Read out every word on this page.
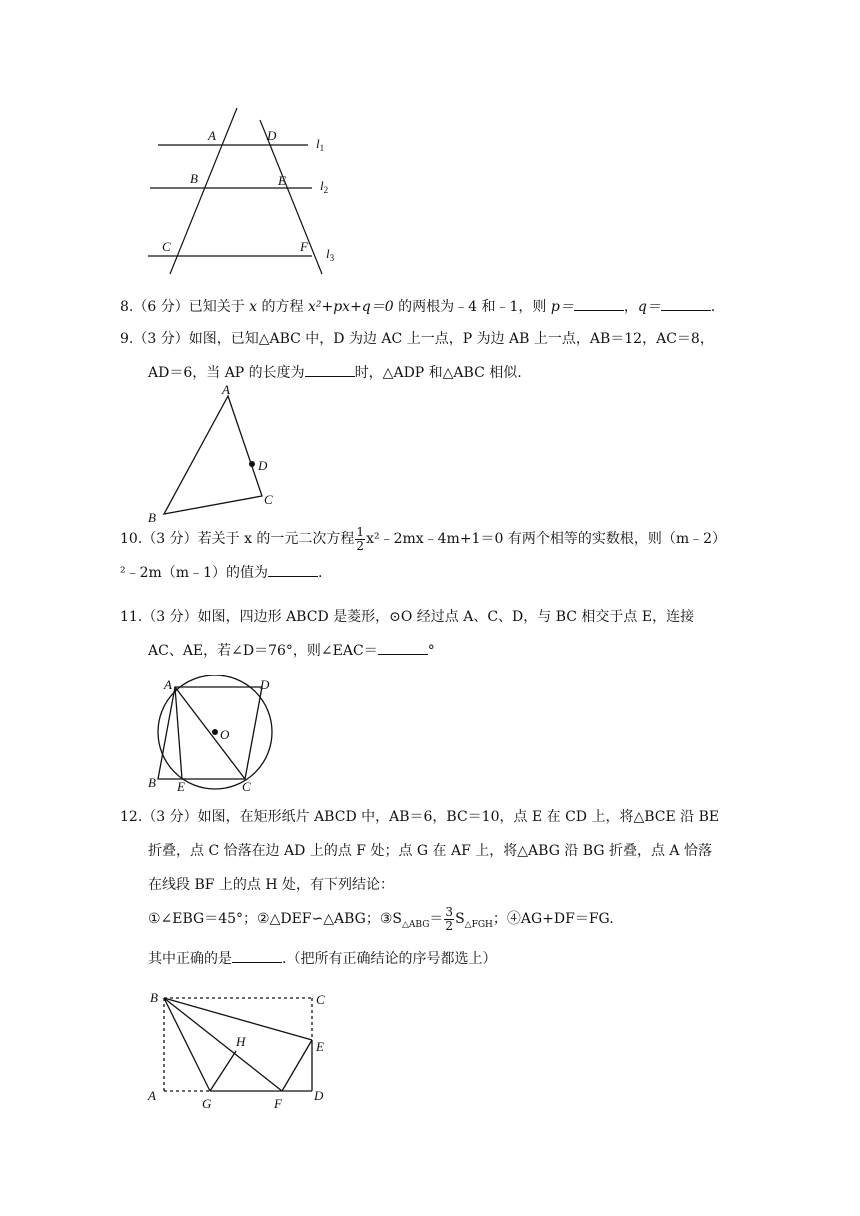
A	D
B	E
C	F
$l_1$
$l_2$
$l_3$
8.（6 分）已知关于 x 的方程 x²+px+q＝0 的两根为﹣4 和﹣1，则 p＝	，q＝	.
9.（3 分）如图，已知△ABC 中，D 为边 AC 上一点，P 为边 AB 上一点，AB＝12，AC＝8，
AD＝6，当 AP 的长度为	时，△ADP 和△ABC 相似.
A
D
C
B
10.（3 分）若关于 x 的一元二次方程 $\frac{1}{2}$ x²﹣2mx﹣4m+1＝0 有两个相等的实数根，则（m﹣2）
²﹣2m（m﹣1）的值为	.
11.（3 分）如图，四边形 ABCD 是菱形，⊙O 经过点 A、C、D，与 BC 相交于点 E，连接
AC、AE，若∠D＝76°，则∠EAC＝	°
A	D
O
B E	C
12.（3 分）如图，在矩形纸片 ABCD 中，AB＝6，BC＝10，点 E 在 CD 上，将△BCE 沿 BE
折叠，点 C 恰落在边 AD 上的点 F 处；点 G 在 AF 上，将△ABG 沿 BG 折叠，点 A 恰落
在线段 BF 上的点 H 处，有下列结论：
①∠EBG＝45°；②△DEF∽△ABG；$③S_{\triangle ABG}= \frac{3}{2} S_{\triangle FGH}$；④AG+DF＝FG.
其中正确的是	.（把所有正确结论的序号都选上）
B	C
H	E
A
G	F
D
